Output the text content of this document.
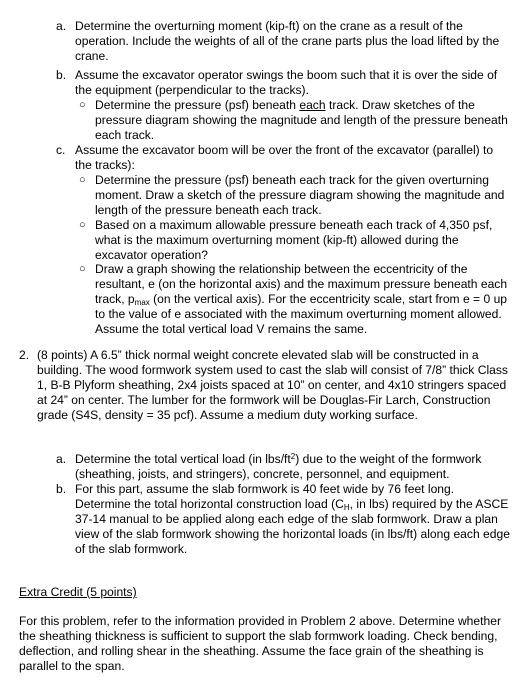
a. Determine the overturning moment (kip-ft) on the crane as a result of the operation. Include the weights of all of the crane parts plus the load lifted by the crane.
b. Assume the excavator operator swings the boom such that it is over the side of the equipment (perpendicular to the tracks).
○ Determine the pressure (psf) beneath each track. Draw sketches of the pressure diagram showing the magnitude and length of the pressure beneath each track.
c. Assume the excavator boom will be over the front of the excavator (parallel) to the tracks):
○ Determine the pressure (psf) beneath each track for the given overturning moment. Draw a sketch of the pressure diagram showing the magnitude and length of the pressure beneath each track.
○ Based on a maximum allowable pressure beneath each track of 4,350 psf, what is the maximum overturning moment (kip-ft) allowed during the excavator operation?
○ Draw a graph showing the relationship between the eccentricity of the resultant, e (on the horizontal axis) and the maximum pressure beneath each track, $p_{max}$ (on the vertical axis). For the eccentricity scale, start from e = 0 up to the value of e associated with the maximum overturning moment allowed. Assume the total vertical load V remains the same.
2. (8 points) A 6.5” thick normal weight concrete elevated slab will be constructed in a building. The wood formwork system used to cast the slab will consist of 7/8” thick Class 1, B-B Plyform sheathing, 2x4 joists spaced at 10” on center, and 4x10 stringers spaced at 24” on center. The lumber for the formwork will be Douglas-Fir Larch, Construction grade (S4S, density = 35 pcf). Assume a medium duty working surface.
a. Determine the total vertical load (in lbs/$ft^2$) due to the weight of the formwork (sheathing, joists, and stringers), concrete, personnel, and equipment.
b. For this part, assume the slab formwork is 40 feet wide by 76 feet long. Determine the total horizontal construction load ($C_H$, in lbs) required by the ASCE 37-14 manual to be applied along each edge of the slab formwork. Draw a plan view of the slab formwork showing the horizontal loads (in lbs/ft) along each edge of the slab formwork.
Extra Credit (5 points)
For this problem, refer to the information provided in Problem 2 above. Determine whether the sheathing thickness is sufficient to support the slab formwork loading. Check bending, deflection, and rolling shear in the sheathing. Assume the face grain of the sheathing is parallel to the span.
